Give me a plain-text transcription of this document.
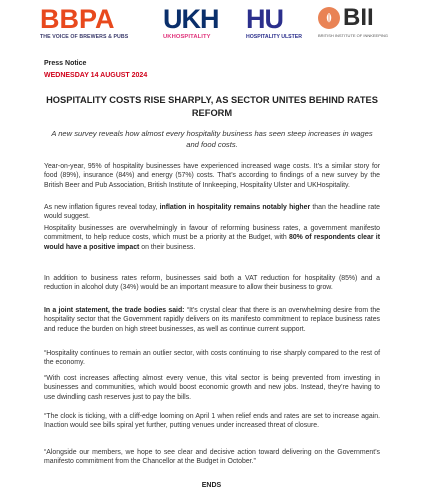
BBPA
THE VOICE OF BREWERS & PUBS
UKH
UKHOSPITALITY
HU
HOSPITALITY ULSTER
BII
BRITISH INSTITUTE OF INNKEEPING
Press Notice
WEDNESDAY 14 AUGUST 2024
HOSPITALITY COSTS RISE SHARPLY, AS SECTOR UNITES BEHIND RATES REFORM
A new survey reveals how almost every hospitality business has seen steep increases in wages and food costs.
Year-on-year, 95% of hospitality businesses have experienced increased wage costs. It’s a similar story for food (89%), insurance (84%) and energy (57%) costs. That’s according to findings of a new survey by the British Beer and Pub Association, British Institute of Innkeeping, Hospitality Ulster and UKHospitality.
As new inflation figures reveal today, inflation in hospitality remains notably higher than the headline rate would suggest.
Hospitality businesses are overwhelmingly in favour of reforming business rates, a government manifesto commitment, to help reduce costs, which must be a priority at the Budget, with 80% of respondents clear it would have a positive impact on their business.
In addition to business rates reform, businesses said both a VAT reduction for hospitality (85%) and a reduction in alcohol duty (34%) would be an important measure to allow their business to grow.
In a joint statement, the trade bodies said: “It’s crystal clear that there is an overwhelming desire from the hospitality sector that the Government rapidly delivers on its manifesto commitment to replace business rates and reduce the burden on high street businesses, as well as continue current support.
“Hospitality continues to remain an outlier sector, with costs continuing to rise sharply compared to the rest of the economy.
“With cost increases affecting almost every venue, this vital sector is being prevented from investing in businesses and communities, which would boost economic growth and new jobs. Instead, they’re having to use dwindling cash reserves just to pay the bills.
“The clock is ticking, with a cliff-edge looming on April 1 when relief ends and rates are set to increase again. Inaction would see bills spiral yet further, putting venues under increased threat of closure.
“Alongside our members, we hope to see clear and decisive action toward delivering on the Government’s manifesto commitment from the Chancellor at the Budget in October.”
ENDS
